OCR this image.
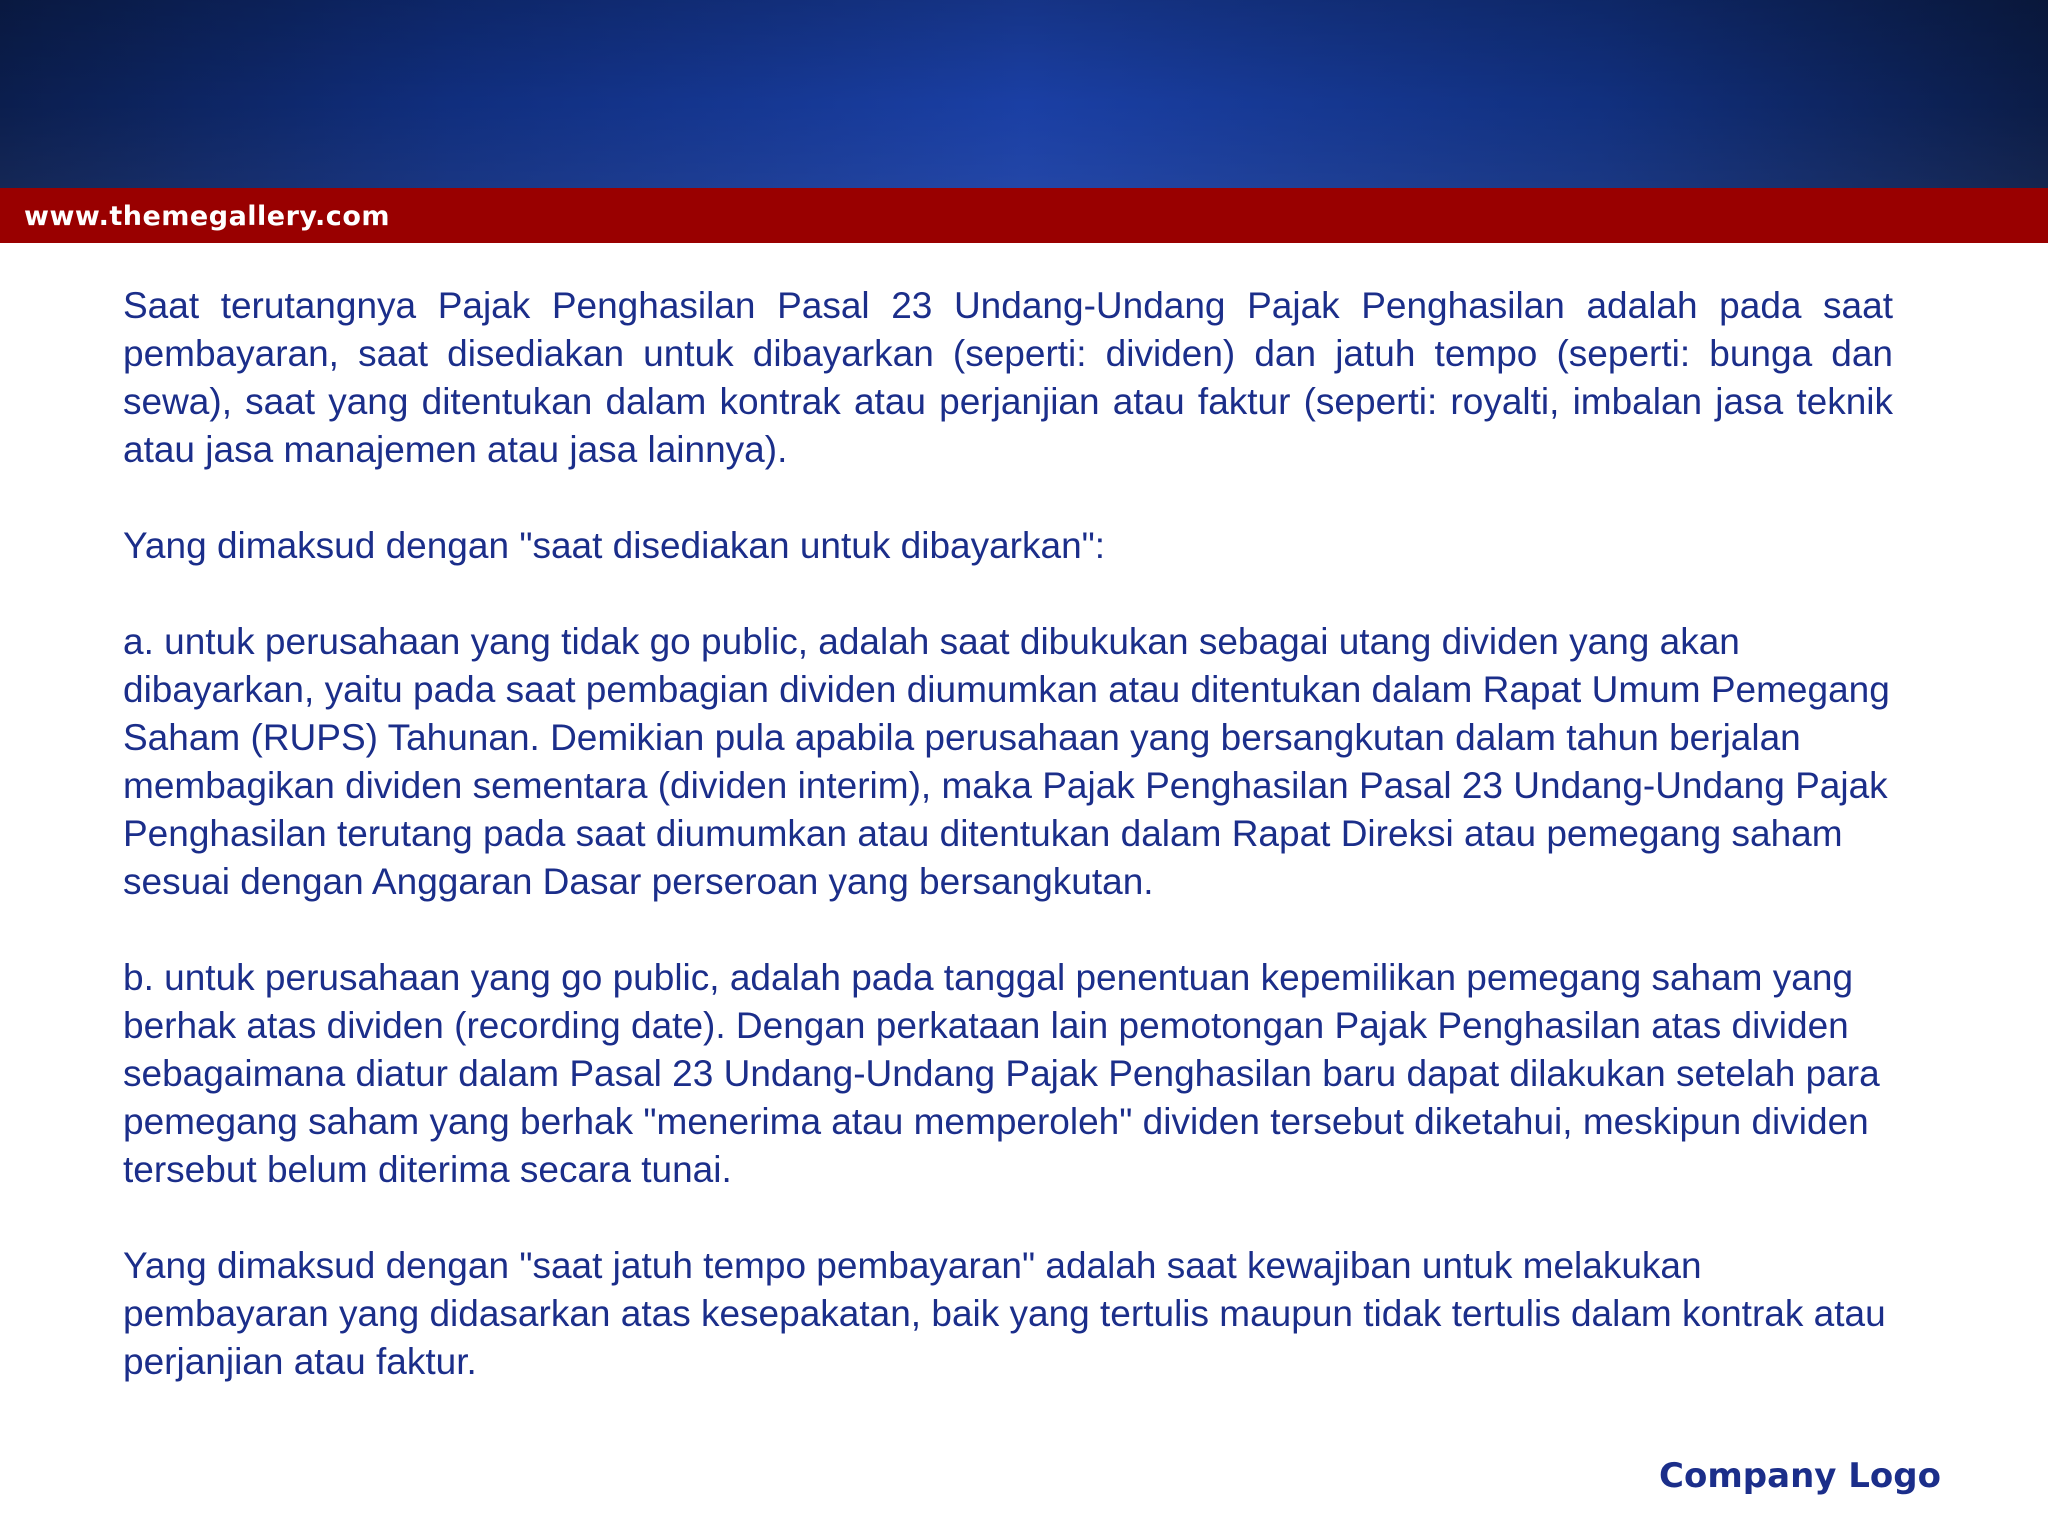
www.themegallery.com

Saat terutangnya Pajak Penghasilan Pasal 23 Undang-Undang Pajak Penghasilan adalah pada saat pembayaran, saat disediakan untuk dibayarkan (seperti: dividen) dan jatuh tempo (seperti: bunga dan sewa), saat yang ditentukan dalam kontrak atau perjanjian atau faktur (seperti: royalti, imbalan jasa teknik atau jasa manajemen atau jasa lainnya).

Yang dimaksud dengan "saat disediakan untuk dibayarkan":

a. untuk perusahaan yang tidak go public, adalah saat dibukukan sebagai utang dividen yang akan dibayarkan, yaitu pada saat pembagian dividen diumumkan atau ditentukan dalam Rapat Umum Pemegang Saham (RUPS) Tahunan. Demikian pula apabila perusahaan yang bersangkutan dalam tahun berjalan membagikan dividen sementara (dividen interim), maka Pajak Penghasilan Pasal 23 Undang-Undang Pajak Penghasilan terutang pada saat diumumkan atau ditentukan dalam Rapat Direksi atau pemegang saham sesuai dengan Anggaran Dasar perseroan yang bersangkutan.

b. untuk perusahaan yang go public, adalah pada tanggal penentuan kepemilikan pemegang saham yang berhak atas dividen (recording date). Dengan perkataan lain pemotongan Pajak Penghasilan atas dividen sebagaimana diatur dalam Pasal 23 Undang-Undang Pajak Penghasilan baru dapat dilakukan setelah para pemegang saham yang berhak "menerima atau memperoleh" dividen tersebut diketahui, meskipun dividen tersebut belum diterima secara tunai.

Yang dimaksud dengan "saat jatuh tempo pembayaran" adalah saat kewajiban untuk melakukan pembayaran yang didasarkan atas kesepakatan, baik yang tertulis maupun tidak tertulis dalam kontrak atau perjanjian atau faktur.

Company Logo
